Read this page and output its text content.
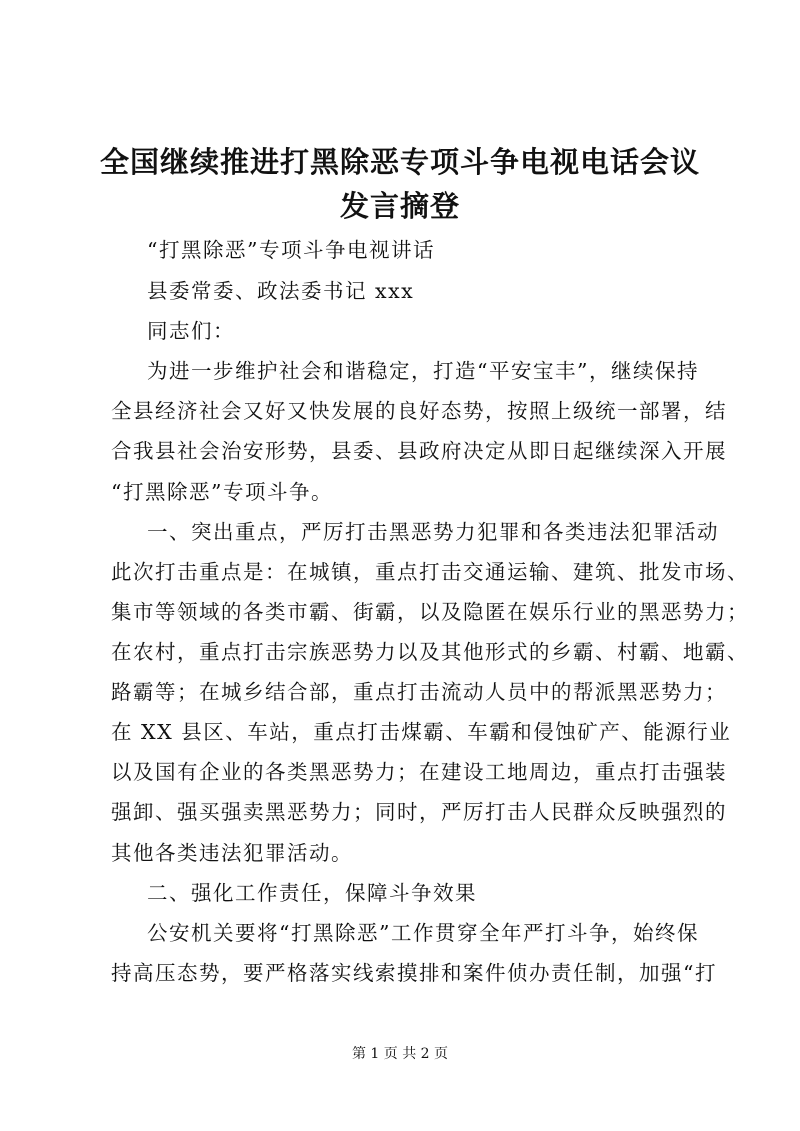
全国继续推进打黑除恶专项斗争电视电话会议
发言摘登
“打黑除恶”专项斗争电视讲话
县委常委、政法委书记 xxx
同志们：
为进一步维护社会和谐稳定，打造“平安宝丰”，继续保持
全县经济社会又好又快发展的良好态势，按照上级统一部署，结
合我县社会治安形势，县委、县政府决定从即日起继续深入开展
“打黑除恶”专项斗争。
一、突出重点，严厉打击黑恶势力犯罪和各类违法犯罪活动
此次打击重点是：在城镇，重点打击交通运输、建筑、批发市场、
集市等领域的各类市霸、街霸，以及隐匿在娱乐行业的黑恶势力；
在农村，重点打击宗族恶势力以及其他形式的乡霸、村霸、地霸、
路霸等；在城乡结合部，重点打击流动人员中的帮派黑恶势力；
在 XX 县区、车站，重点打击煤霸、车霸和侵蚀矿产、能源行业
以及国有企业的各类黑恶势力；在建设工地周边，重点打击强装
强卸、强买强卖黑恶势力；同时，严厉打击人民群众反映强烈的
其他各类违法犯罪活动。
二、强化工作责任，保障斗争效果
公安机关要将“打黑除恶”工作贯穿全年严打斗争，始终保
持高压态势，要严格落实线索摸排和案件侦办责任制，加强“打
第 1 页 共 2 页
